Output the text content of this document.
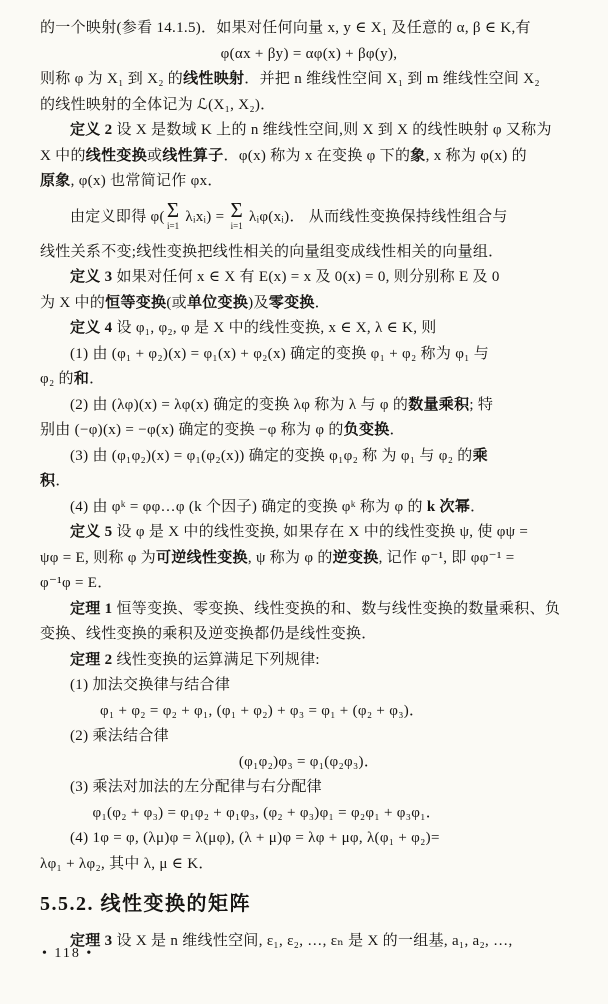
的一个映射(参看 14.1.5)．如果对任何向量 x, y ∈ X₁ 及任意的 α, β ∈ K,有
φ(αx + βy) = αφ(x) + βφ(y),
则称 φ 为 X₁ 到 X₂ 的线性映射．并把 n 维线性空间 X₁ 到 m 维线性空间 X₂
的线性映射的全体记为 ℒ(X₁, X₂)．
定义 2 设 X 是数域 K 上的 n 维线性空间,则 X 到 X 的线性映射 φ 又称为
X 中的线性变换或线性算子．φ(x) 称为 x 在变换 φ 下的象, x 称为 φ(x) 的
原象, φ(x) 也常简记作 φx．
由定义即得 φ( Σ
i=1
λᵢxᵢ) = Σ
i=1
λᵢφ(xᵢ)． 从而线性变换保持线性组合与
线性关系不变;线性变换把线性相关的向量组变成线性相关的向量组．
定义 3 如果对任何 x ∈ X 有 E(x) = x 及 0(x) = 0, 则分别称 E 及 0
为 X 中的恒等变换(或单位变换)及零变换．
定义 4 设 φ₁, φ₂, φ 是 X 中的线性变换, x ∈ X, λ ∈ K, 则
(1) 由 (φ₁ + φ₂)(x) = φ₁(x) + φ₂(x) 确定的变换 φ₁ + φ₂ 称为 φ₁ 与
φ₂ 的和．
(2) 由 (λφ)(x) = λφ(x) 确定的变换 λφ 称为 λ 与 φ 的数量乘积; 特
别由 (−φ)(x) = −φ(x) 确定的变换 −φ 称为 φ 的负变换．
(3) 由 (φ₁φ₂)(x) = φ₁(φ₂(x)) 确定的变换 φ₁φ₂ 称 为 φ₁ 与 φ₂ 的乘
积．
(4) 由 φᵏ = φφ…φ (k 个因子) 确定的变换 φᵏ 称为 φ 的 k 次幂．
定义 5 设 φ 是 X 中的线性变换, 如果存在 X 中的线性变换 ψ, 使 φψ =
ψφ = E, 则称 φ 为可逆线性变换, ψ 称为 φ 的逆变换, 记作 φ⁻¹, 即 φφ⁻¹ =
φ⁻¹φ = E．
定理 1 恒等变换、零变换、线性变换的和、数与线性变换的数量乘积、负
变换、线性变换的乘积及逆变换都仍是线性变换．
定理 2 线性变换的运算满足下列规律:
(1) 加法交换律与结合律
φ₁ + φ₂ = φ₂ + φ₁, (φ₁ + φ₂) + φ₃ = φ₁ + (φ₂ + φ₃)．
(2) 乘法结合律
(φ₁φ₂)φ₃ = φ₁(φ₂φ₃)．
(3) 乘法对加法的左分配律与右分配律
φ₁(φ₂ + φ₃) = φ₁φ₂ + φ₁φ₃, (φ₂ + φ₃)φ₁ = φ₂φ₁ + φ₃φ₁．
(4) 1φ = φ, (λμ)φ = λ(μφ), (λ + μ)φ = λφ + μφ, λ(φ₁ + φ₂)=
λφ₁ + λφ₂, 其中 λ, μ ∈ K．
5.5.2. 线性变换的矩阵
定理 3 设 X 是 n 维线性空间, ε₁, ε₂, …, εₙ 是 X 的一组基, a₁, a₂, …,
• 118 •
